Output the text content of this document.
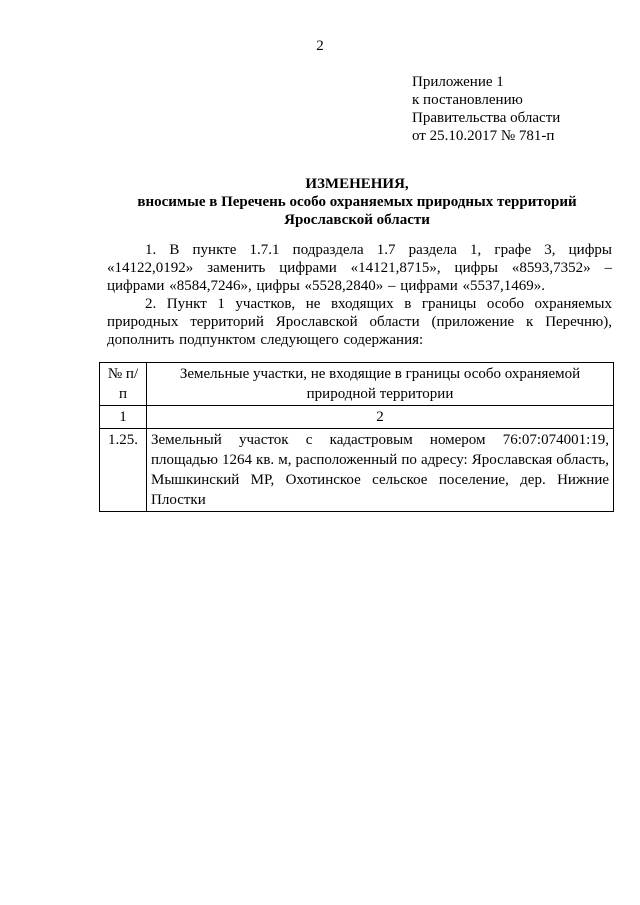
2
Приложение 1
к постановлению
Правительства области
от 25.10.2017 № 781-п
ИЗМЕНЕНИЯ,
вносимые в Перечень особо охраняемых природных территорий
Ярославской области

1. В пункте 1.7.1 подраздела 1.7 раздела 1, графе 3, цифры «14122,0192» заменить цифрами «14121,8715», цифры «8593,7352» – цифрами «8584,7246», цифры «5528,2840» – цифрами «5537,1469».

2. Пункт 1 участков, не входящих в границы особо охраняемых природных территорий Ярославской области (приложение к Перечню), дополнить подпунктом следующего содержания:

№ п/п	Земельные участки, не входящие в границы особо охраняемой природной территории
1	2
1.25.	Земельный участок с кадастровым номером 76:07:074001:19, площадью 1264 кв. м, расположенный по адресу: Ярославская область, Мышкинский МР, Охотинское сельское поселение, дер. Нижние Плостки
